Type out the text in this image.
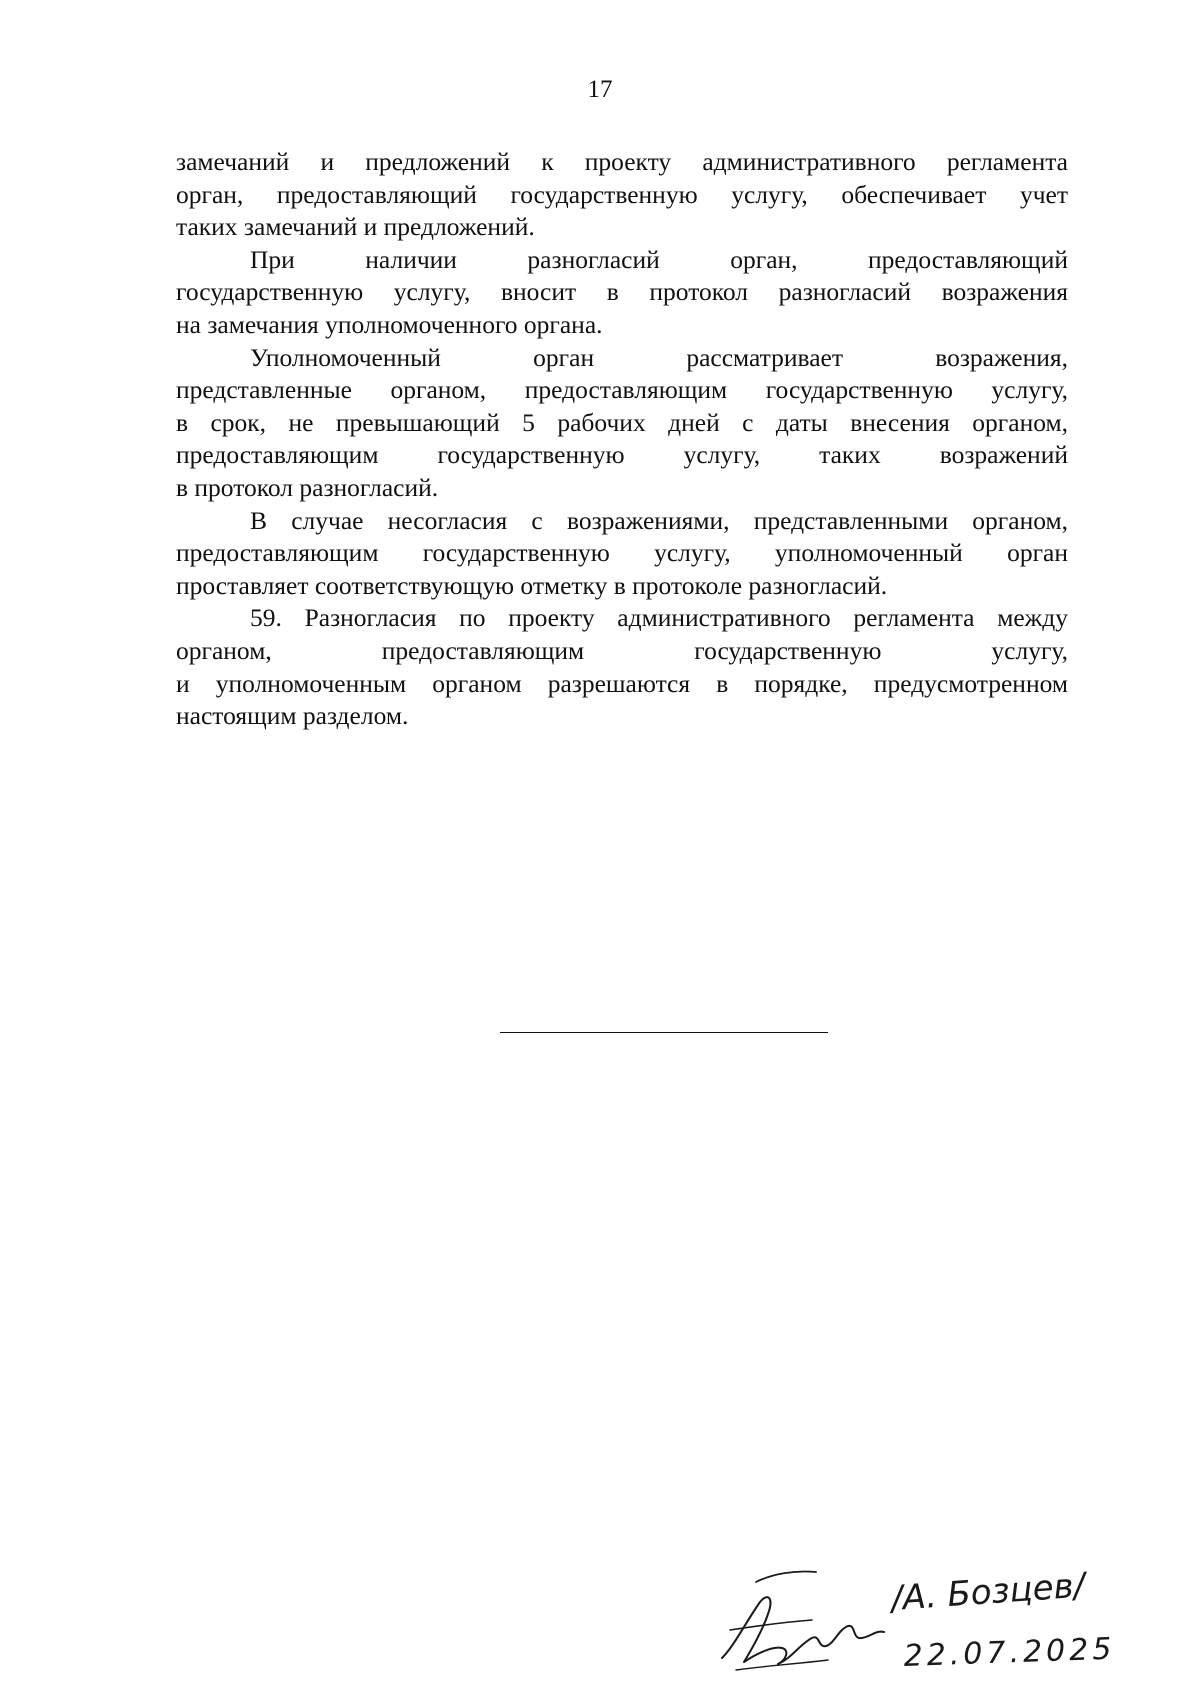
17

замечаний и предложений к проекту административного регламента
орган, предоставляющий государственную услугу, обеспечивает учет
таких замечаний и предложений.

При наличии разногласий орган, предоставляющий
государственную услугу, вносит в протокол разногласий возражения
на замечания уполномоченного органа.

Уполномоченный орган рассматривает возражения,
представленные органом, предоставляющим государственную услугу,
в срок, не превышающий 5 рабочих дней с даты внесения органом,
предоставляющим государственную услугу, таких возражений
в протокол разногласий.

В случае несогласия с возражениями, представленными органом,
предоставляющим государственную услугу, уполномоченный орган
проставляет соответствующую отметку в протоколе разногласий.

59. Разногласия по проекту административного регламента между
органом, предоставляющим государственную услугу,
и уполномоченным органом разрешаются в порядке, предусмотренном
настоящим разделом.

/А. Бозцев/
22.07.2025
